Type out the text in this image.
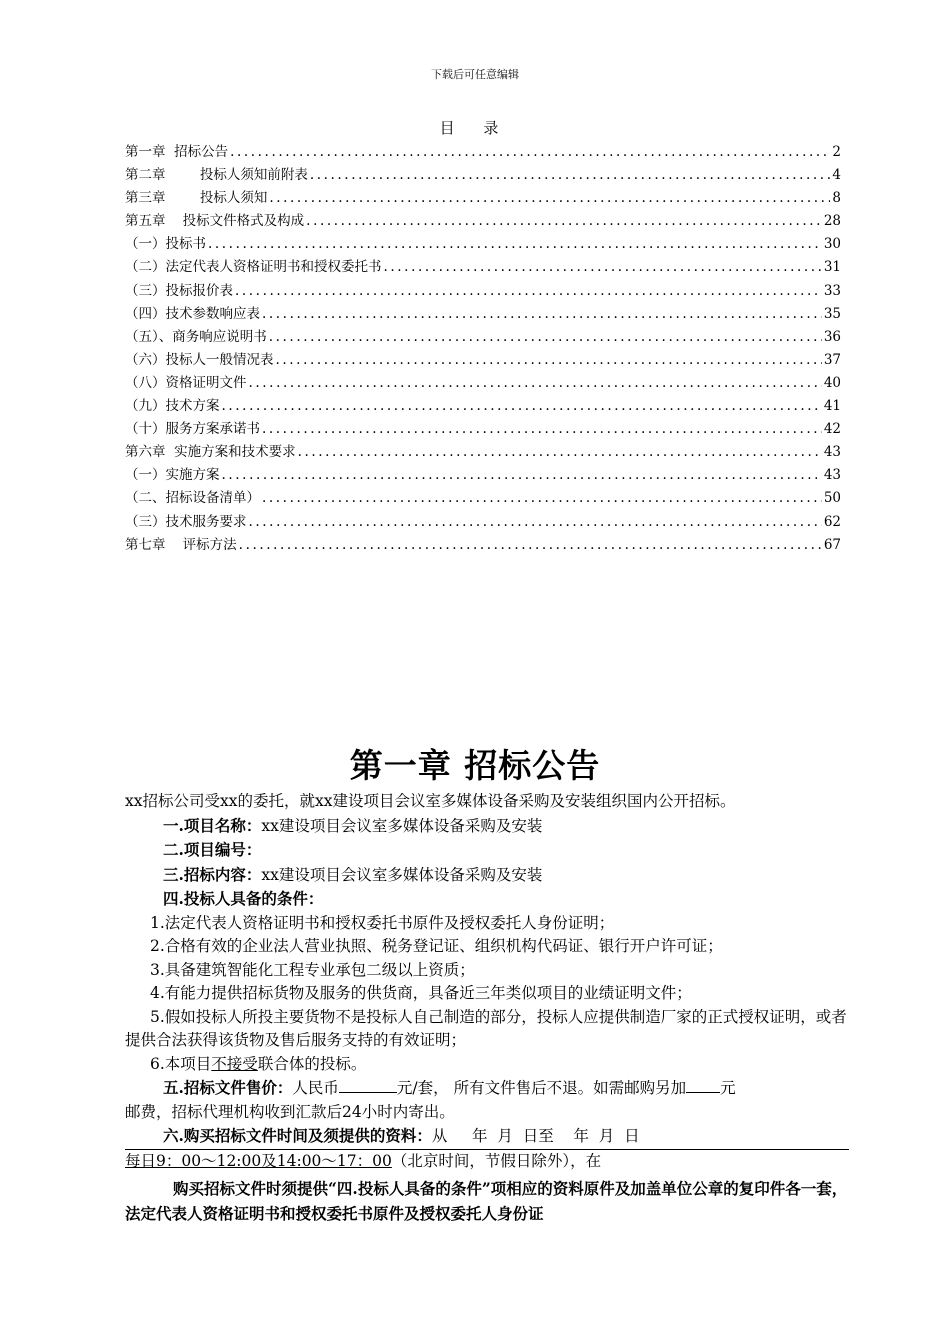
下载后可任意编辑
目 录
第一章  招标公告 .....	2
第二章        投标人须知前附表 .....	4
第三章        投标人须知 .....	8
第五章    投标文件格式及构成 .....	28
（一）投标书 .....	30
（二）法定代表人资格证明书和授权委托书 .....	31
（三）投标报价表 .....	33
（四）技术参数响应表 .....	35
（五）、商务响应说明书 .....	36
（六）投标人一般情况表 .....	37
（八）资格证明文件 .....	40
（九）技术方案 .....	41
（十）服务方案承诺书 .....	42
第六章  实施方案和技术要求 .....	43
（一）实施方案 .....	43
（二、招标设备清单） .....	50
（三）技术服务要求 .....	62
第七章    评标方法 .....	67
第一章 招标公告
xx招标公司受xx的委托，就xx建设项目会议室多媒体设备采购及安装组织国内公开招标。
一.项目名称：xx建设项目会议室多媒体设备采购及安装
二.项目编号：
三.招标内容：xx建设项目会议室多媒体设备采购及安装
四.投标人具备的条件：
1.法定代表人资格证明书和授权委托书原件及授权委托人身份证明；
2.合格有效的企业法人营业执照、税务登记证、组织机构代码证、银行开户许可证；
3.具备建筑智能化工程专业承包二级以上资质；
4.有能力提供招标货物及服务的供货商，具备近三年类似项目的业绩证明文件；
5.假如投标人所投主要货物不是投标人自己制造的部分，投标人应提供制造厂家的正式授权证明，或者提供合法获得该货物及售后服务支持的有效证明；
6.本项目不接受联合体的投标。
五.招标文件售价：人民币	元/套， 所有文件售后不退。如需邮购另加 元
邮费，招标代理机构收到汇款后24小时内寄出。
六.购买招标文件时间及须提供的资料：从     年  月  日至    年  月  日
每日9：00～12:00及14:00～17：00（北京时间，节假日除外），在
购买招标文件时须提供“四.投标人具备的条件”项相应的资料原件及加盖单位公章的复印件各一套，法定代表人资格证明书和授权委托书原件及授权委托人身份证
